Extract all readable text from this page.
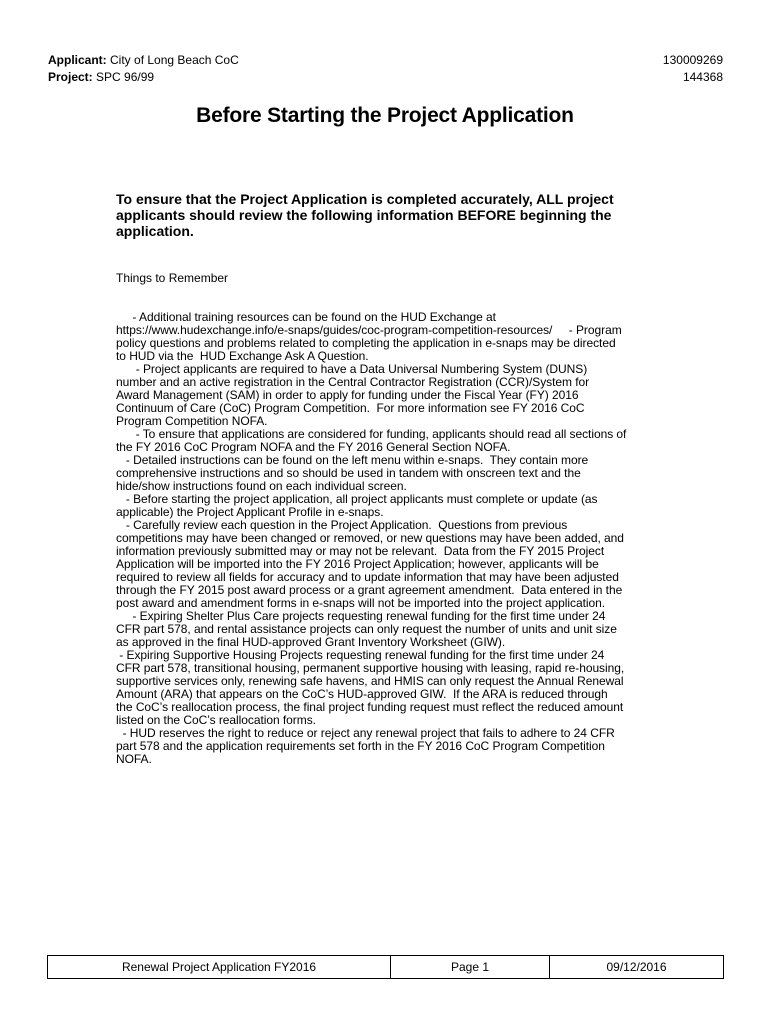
Applicant: City of Long Beach CoC	130009269
Project: SPC 96/99	144368
Before Starting the Project Application

To ensure that the Project Application is completed accurately, ALL project applicants should review the following information BEFORE beginning the application.

Things to Remember

- Additional training resources can be found on the HUD Exchange at
https://www.hudexchange.info/e-snaps/guides/coc-program-competition-resources/     - Program
policy questions and problems related to completing the application in e-snaps may be directed
to HUD via the  HUD Exchange Ask A Question.
- Project applicants are required to have a Data Universal Numbering System (DUNS)
number and an active registration in the Central Contractor Registration (CCR)/System for
Award Management (SAM) in order to apply for funding under the Fiscal Year (FY) 2016
Continuum of Care (CoC) Program Competition.  For more information see FY 2016 CoC
Program Competition NOFA.
- To ensure that applications are considered for funding, applicants should read all sections of
the FY 2016 CoC Program NOFA and the FY 2016 General Section NOFA.
- Detailed instructions can be found on the left menu within e-snaps.  They contain more
comprehensive instructions and so should be used in tandem with onscreen text and the
hide/show instructions found on each individual screen.
- Before starting the project application, all project applicants must complete or update (as
applicable) the Project Applicant Profile in e-snaps.
- Carefully review each question in the Project Application.  Questions from previous
competitions may have been changed or removed, or new questions may have been added, and
information previously submitted may or may not be relevant.  Data from the FY 2015 Project
Application will be imported into the FY 2016 Project Application; however, applicants will be
required to review all fields for accuracy and to update information that may have been adjusted
through the FY 2015 post award process or a grant agreement amendment.  Data entered in the
post award and amendment forms in e-snaps will not be imported into the project application.
- Expiring Shelter Plus Care projects requesting renewal funding for the first time under 24
CFR part 578, and rental assistance projects can only request the number of units and unit size
as approved in the final HUD-approved Grant Inventory Worksheet (GIW).
- Expiring Supportive Housing Projects requesting renewal funding for the first time under 24
CFR part 578, transitional housing, permanent supportive housing with leasing, rapid re-housing,
supportive services only, renewing safe havens, and HMIS can only request the Annual Renewal
Amount (ARA) that appears on the CoC’s HUD-approved GIW.  If the ARA is reduced through
the CoC’s reallocation process, the final project funding request must reflect the reduced amount
listed on the CoC’s reallocation forms.
- HUD reserves the right to reduce or reject any renewal project that fails to adhere to 24 CFR
part 578 and the application requirements set forth in the FY 2016 CoC Program Competition
NOFA.
Renewal Project Application FY2016	Page 1	09/12/2016
